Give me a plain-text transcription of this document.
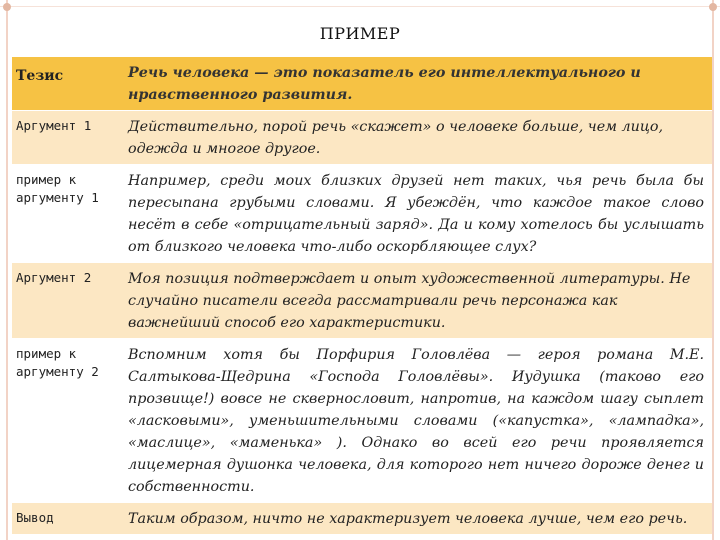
ПРИМЕР
Тезис	Речь человека — это показатель его интеллектуального и нравственного развития.
Аргумент 1	Действительно, порой речь «скажет» о человеке больше, чем лицо, одежда и многое другое.
пример к аргументу 1	Например, среди моих близких друзей нет таких, чья речь была бы пересыпана грубыми словами. Я убеждён, что каждое такое слово несёт в себе «отрицательный заряд». Да и кому хотелось бы услышать от близкого человека что-либо оскорбляющее слух?
Аргумент 2	Моя позиция подтверждает и опыт художественной литературы. Не случайно писатели всегда рассматривали речь персонажа как важнейший способ его характеристики.
пример к аргументу 2	Вспомним хотя бы Порфирия Головлёва — героя романа М.Е. Салтыкова-Щедрина «Господа Головлёвы». Иудушка (таково его прозвище!) вовсе не сквернословит, напротив, на каждом шагу сыплет «ласковыми», уменьшительными словами («капустка», «лампадка», «маслице», «маменька» ). Однако во всей его речи проявляется лицемерная душонка человека, для которого нет ничего дороже денег и собственности.
Вывод	Таким образом, ничто не характеризует человека лучше, чем его речь.
